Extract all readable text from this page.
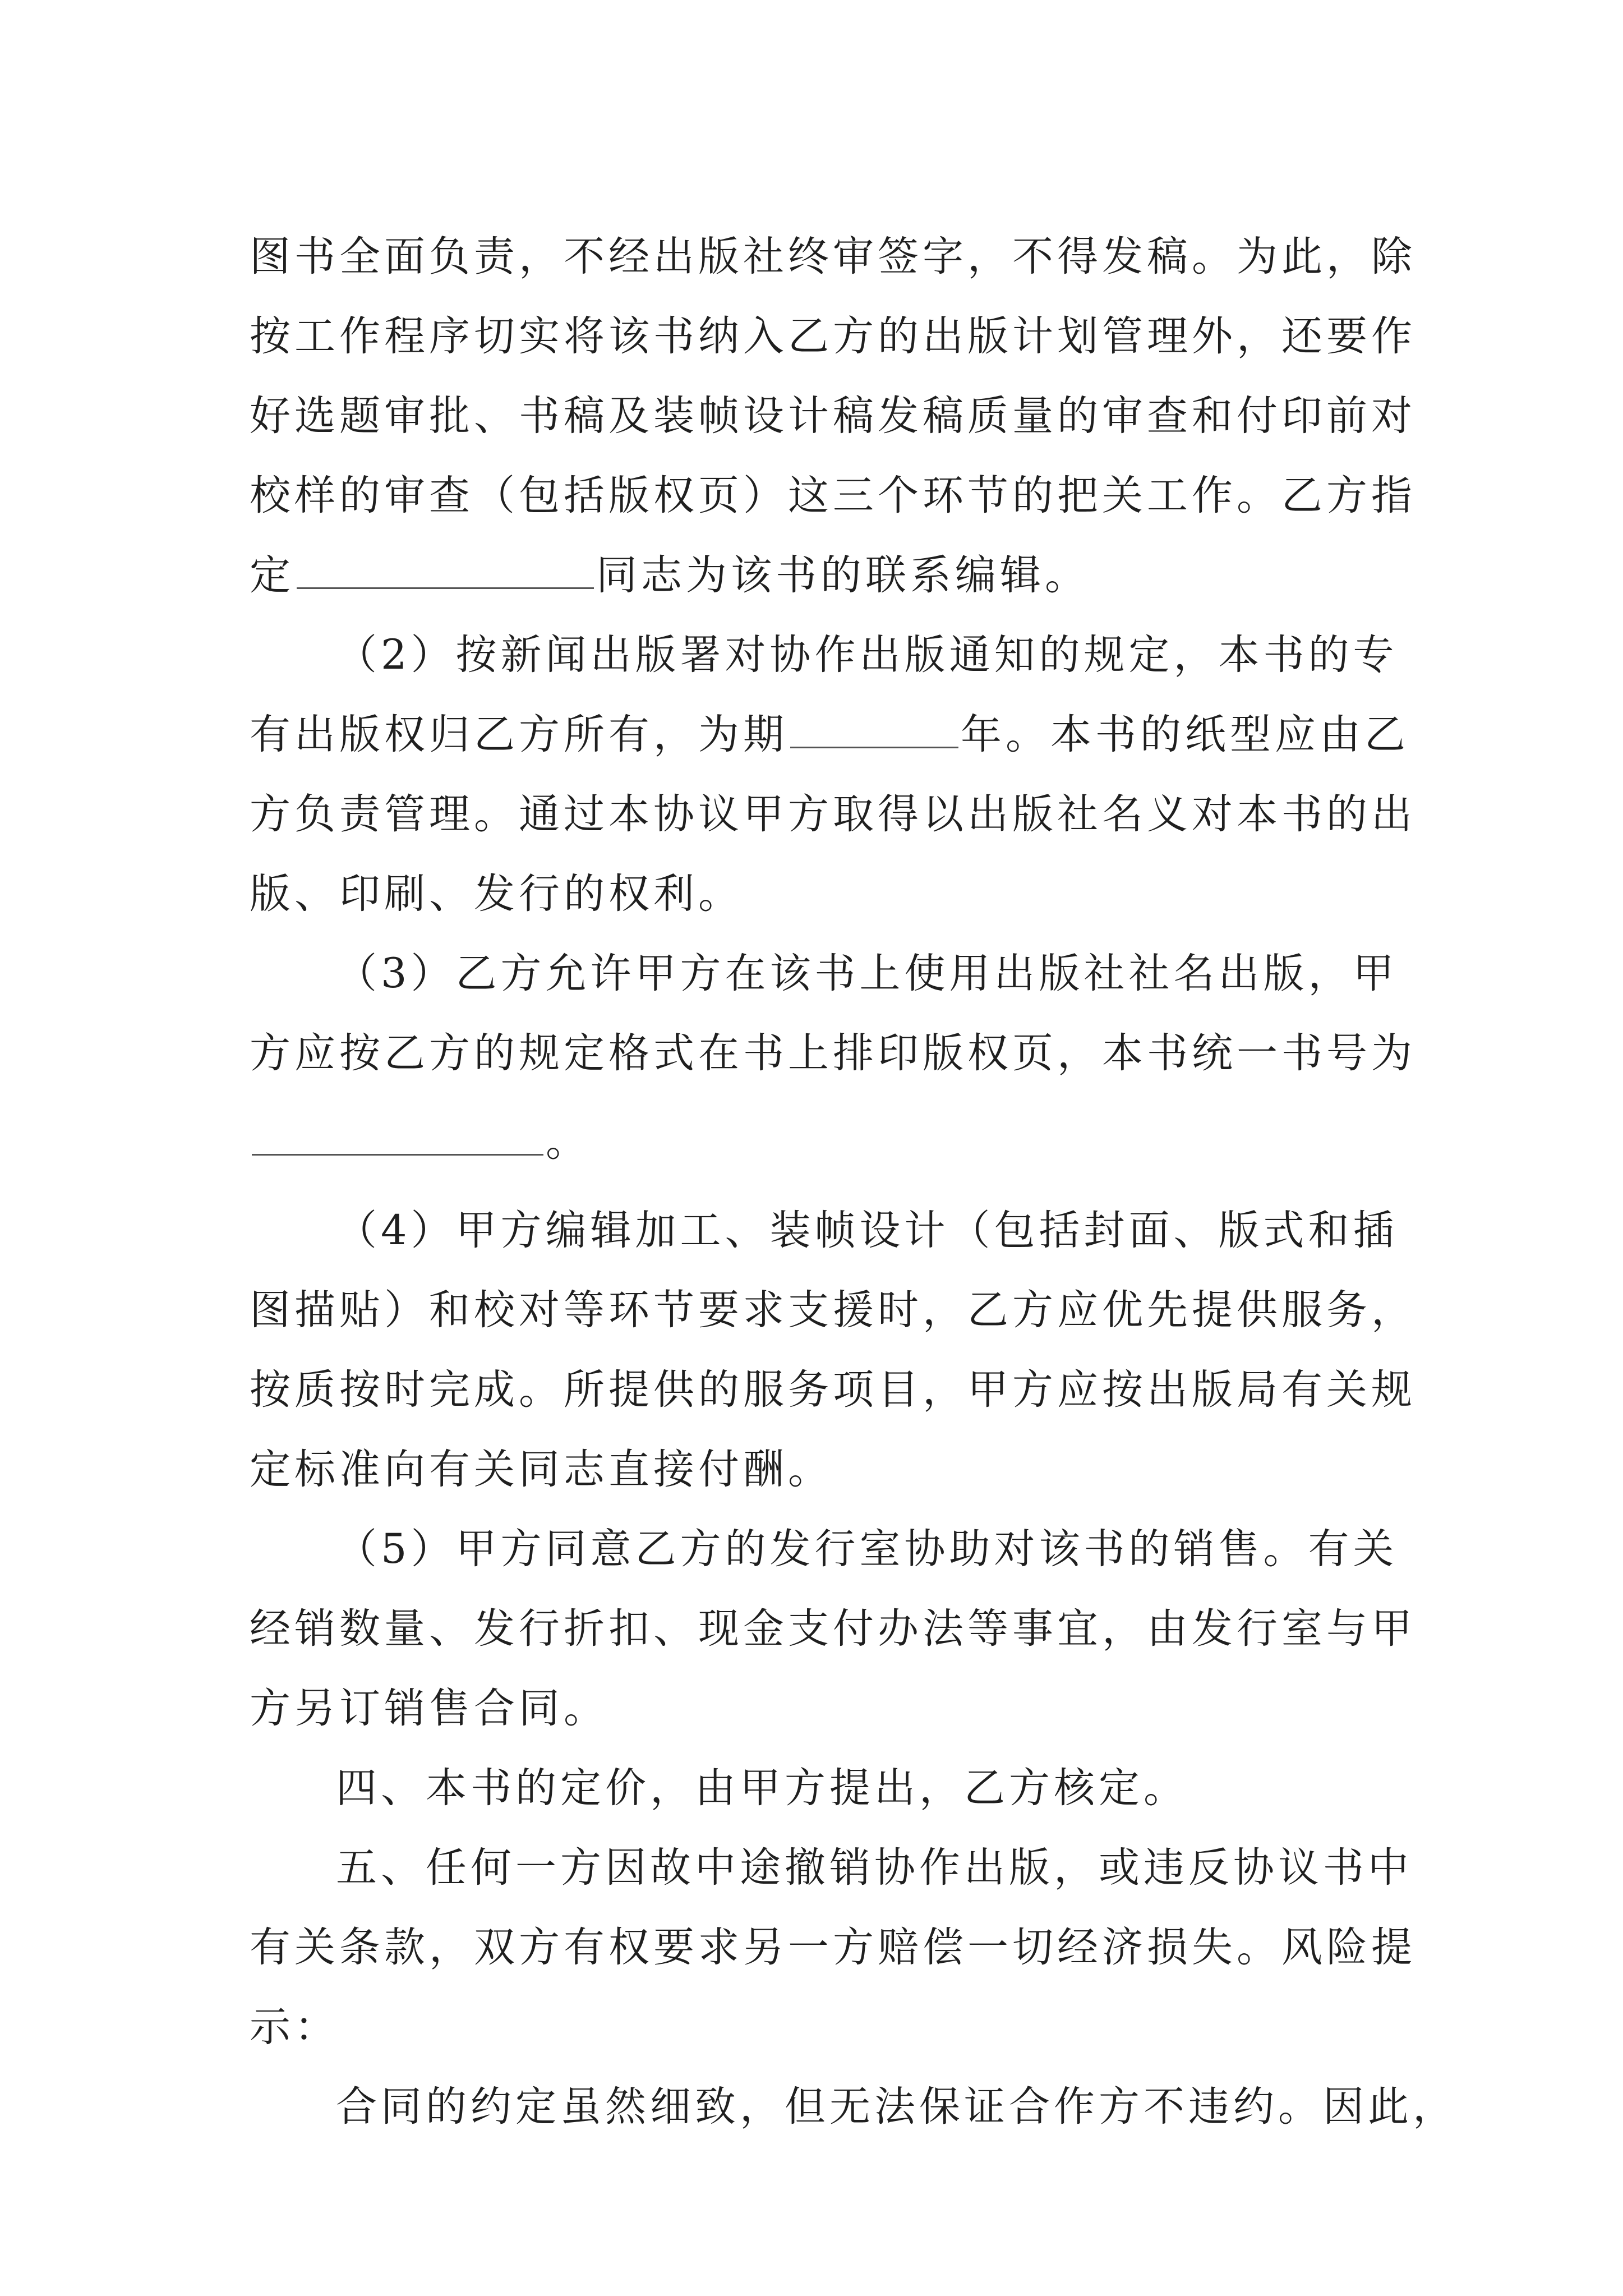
图书全面负责，不经出版社终审签字，不得发稿。为此，除
按工作程序切实将该书纳入乙方的出版计划管理外，还要作
好选题审批、书稿及装帧设计稿发稿质量的审查和付印前对
校样的审查（包括版权页）这三个环节的把关工作。乙方指
定	同志为该书的联系编辑。
（2）按新闻出版署对协作出版通知的规定，本书的专
有出版权归乙方所有，为期	年。本书的纸型应由乙
方负责管理。通过本协议甲方取得以出版社名义对本书的出
版、印刷、发行的权利。
（3）乙方允许甲方在该书上使用出版社社名出版，甲
方应按乙方的规定格式在书上排印版权页，本书统一书号为
。
（4）甲方编辑加工、装帧设计（包括封面、版式和插
图描贴）和校对等环节要求支援时，乙方应优先提供服务，
按质按时完成。所提供的服务项目，甲方应按出版局有关规
定标准向有关同志直接付酬。
（5）甲方同意乙方的发行室协助对该书的销售。有关
经销数量、发行折扣、现金支付办法等事宜，由发行室与甲
方另订销售合同。
四、本书的定价，由甲方提出，乙方核定。
五、任何一方因故中途撤销协作出版，或违反协议书中
有关条款，双方有权要求另一方赔偿一切经济损失。风险提
示：
合同的约定虽然细致，但无法保证合作方不违约。因此，
